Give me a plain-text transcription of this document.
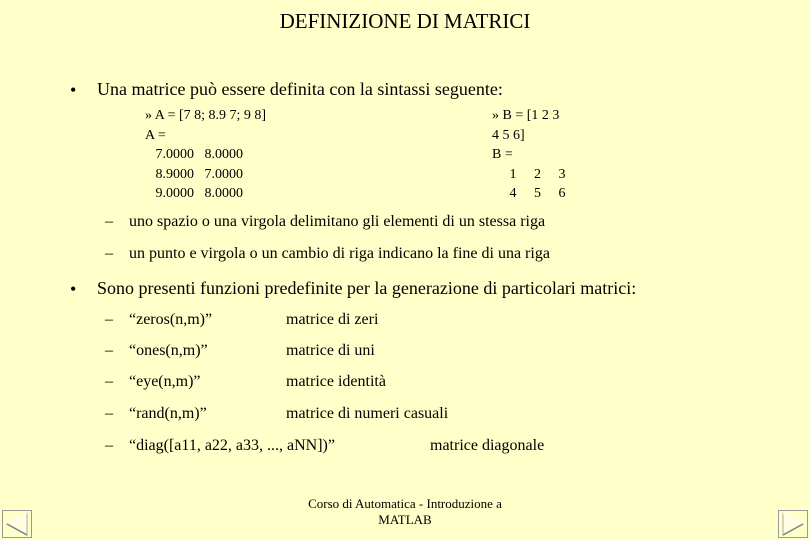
DEFINIZIONE DI MATRICI
• Una matrice può essere definita con la sintassi seguente:
» A = [7 8; 8.9 7; 9 8]
A =
7.0000   8.0000
8.9000   7.0000
9.0000   8.0000
» B = [1 2 3
4 5 6]
B =
1     2     3
4     5     6
– uno spazio o una virgola delimitano gli elementi di un stessa riga
– un punto e virgola o un cambio di riga indicano la fine di una riga
• Sono presenti funzioni predefinite per la generazione di particolari matrici:
– “zeros(n,m)”	matrice di zeri
– “ones(n,m)”	matrice di uni
– “eye(n,m)”	matrice identità
– “rand(n,m)”	matrice di numeri casuali
– “diag([a11, a22, a33, ..., aNN])”	matrice diagonale
Corso di Automatica - Introduzione a MATLAB
